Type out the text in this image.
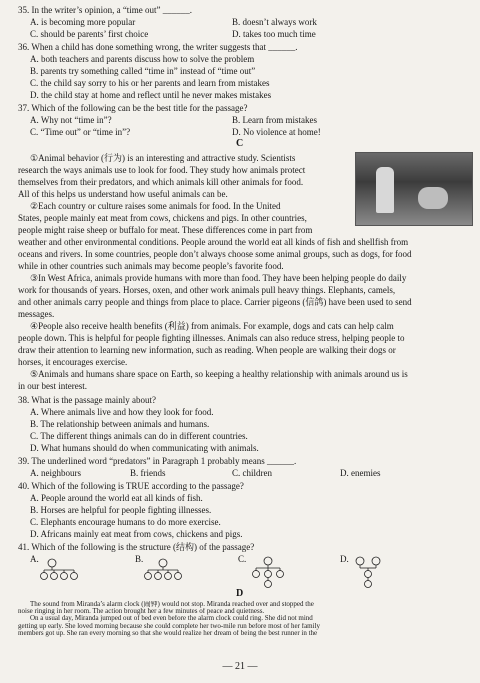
35. In the writer’s opinion, a “time out” ______.
A. is becoming more popular	B. doesn’t always work
C. should be parents’ first choice	D. takes too much time
36. When a child has done something wrong, the writer suggests that ______.
A. both teachers and parents discuss how to solve the problem
B. parents try something called “time in” instead of “time out”
C. the child say sorry to his or her parents and learn from mistakes
D. the child stay at home and reflect until he never makes mistakes
37. Which of the following can be the best title for the passage?
A. Why not “time in”?	B. Learn from mistakes
C. “Time out” or “time in”?	D. No violence at home!
C
①Animal behavior (行为) is an interesting and attractive study. Scientists
research the ways animals use to look for food. They study how animals protect
themselves from their predators, and which animals kill other animals for food.
All of this helps us understand how useful animals can be.
②Each country or culture raises some animals for food. In the United
States, people mainly eat meat from cows, chickens and pigs. In other countries,
people might raise sheep or buffalo for meat. These differences come in part from
weather and other environmental conditions. People around the world eat all kinds of fish and shellfish from
oceans and rivers. In some countries, people don’t always choose some animal groups, such as dogs, for food
while in other countries such animals may become people’s favorite food.
③In West Africa, animals provide humans with more than food. They have been helping people do daily
work for thousands of years. Horses, oxen, and other work animals pull heavy things. Elephants, camels,
and other animals carry people and things from place to place. Carrier pigeons (信鸽) have been used to send
messages.
④People also receive health benefits (利益) from animals. For example, dogs and cats can help calm
people down. This is helpful for people fighting illnesses. Animals can also reduce stress, helping people to
draw their attention to learning new information, such as reading. When people are walking their dogs or
horses, it encourages exercise.
⑤Animals and humans share space on Earth, so keeping a healthy relationship with animals around us is
in our best interest.
38. What is the passage mainly about?
A. Where animals live and how they look for food.
B. The relationship between animals and humans.
C. The different things animals can do in different countries.
D. What humans should do when communicating with animals.
39. The underlined word “predators” in Paragraph 1 probably means ______.
A. neighbours	B. friends	C. children	D. enemies
40. Which of the following is TRUE according to the passage?
A. People around the world eat all kinds of fish.
B. Horses are helpful for people fighting illnesses.
C. Elephants encourage humans to do more exercise.
D. Africans mainly eat meat from cows, chickens and pigs.
41. Which of the following is the structure (结构) of the passage?
A.	B.	C.	D.
D
The sound from Miranda’s alarm clock (闹钟) would not stop. Miranda reached over and stopped the
noise ringing in her room. The action brought her a few minutes of peace and quietness.
On a usual day, Miranda jumped out of bed even before the alarm clock could ring. She did not mind
getting up early. She loved morning because she could complete her two-mile run before most of her family
members got up. She ran every morning so that she would realize her dream of being the best runner in the
— 21 —
